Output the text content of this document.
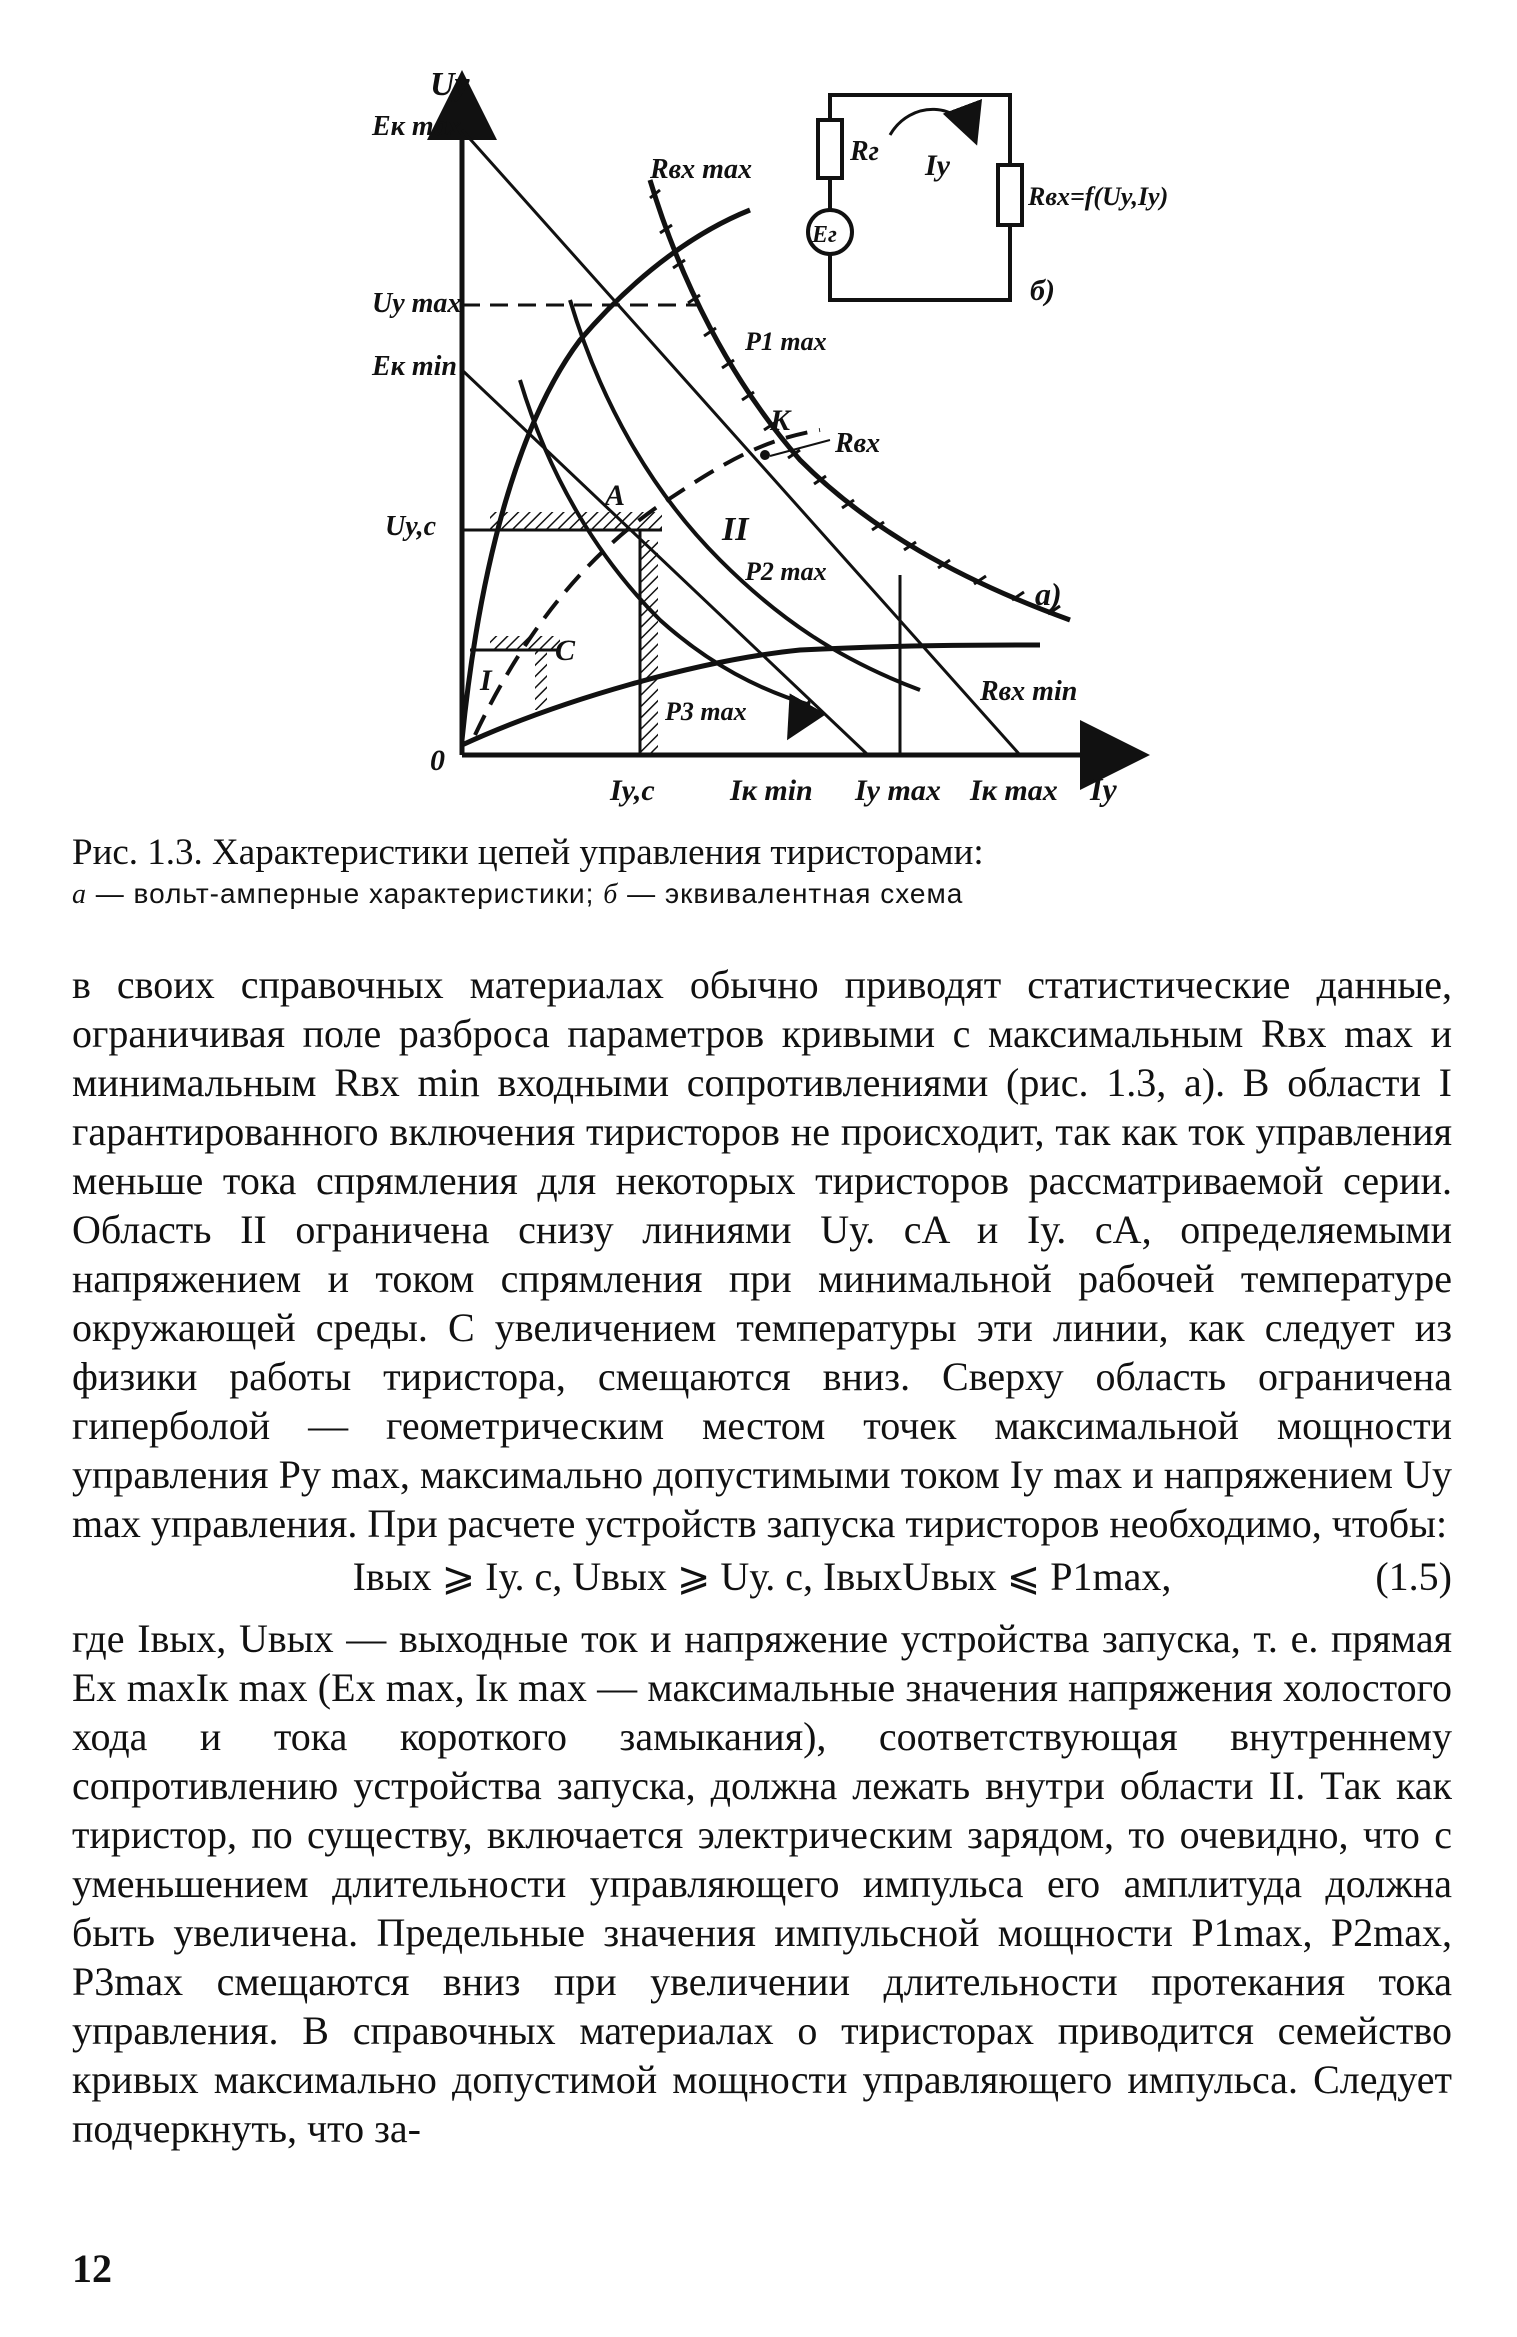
Uy
Eк max
Uy max
Eк min
Uy,c
0
Iy,c	Iк min Iy max Iк max Iy
Rвх max
P1 max
K
Rвх
A
II
P2 max
а)
C
I
P3 max
Rвх min
Rг Iy
Eг
Rвх=f(Uy,Iy)
б)
Рис. 1.3. Характеристики цепей управления тиристорами:
а — вольт-амперные характеристики; б — эквивалентная схема

в своих справочных материалах обычно приводят статистические данные, ограничивая поле разброса параметров кривыми с максимальным Rвх max и минимальным Rвх min входными сопротивлениями (рис. 1.3, а). В области I гарантированного включения тиристоров не происходит, так как ток управления меньше тока спрямления для некоторых тиристоров рассматриваемой серии. Область II ограничена снизу линиями Uу. сA и Iу. сA, определяемыми напряжением и током спрямления при минимальной рабочей температуре окружающей среды. С увеличением температуры эти линии, как следует из физики работы тиристора, смещаются вниз. Сверху область ограничена гиперболой — геометрическим местом точек максимальной мощности управления Pу max, максимально допустимыми током Iу max и напряжением Uу max управления. При расчете устройств запуска тиристоров необходимо, чтобы:

Iвых ⩾ Iу. с, Uвых ⩾ Uу. с, IвыхUвых ⩽ P1max,	(1.5)

где Iвых, Uвых — выходные ток и напряжение устройства запуска, т. е. прямая Eх maxIк max (Eх max, Iк max — максимальные значения напряжения холостого хода и тока короткого замыкания), соответствующая внутреннему сопротивлению устройства запуска, должна лежать внутри области II. Так как тиристор, по существу, включается электрическим зарядом, то очевидно, что с уменьшением длительности управляющего импульса его амплитуда должна быть увеличена. Предельные значения импульсной мощности P1max, P2max, P3max смещаются вниз при увеличении длительности протекания тока управления. В справочных материалах о тиристорах приводится семейство кривых максимально допустимой мощности управляющего импульса. Следует подчеркнуть, что за-

12
